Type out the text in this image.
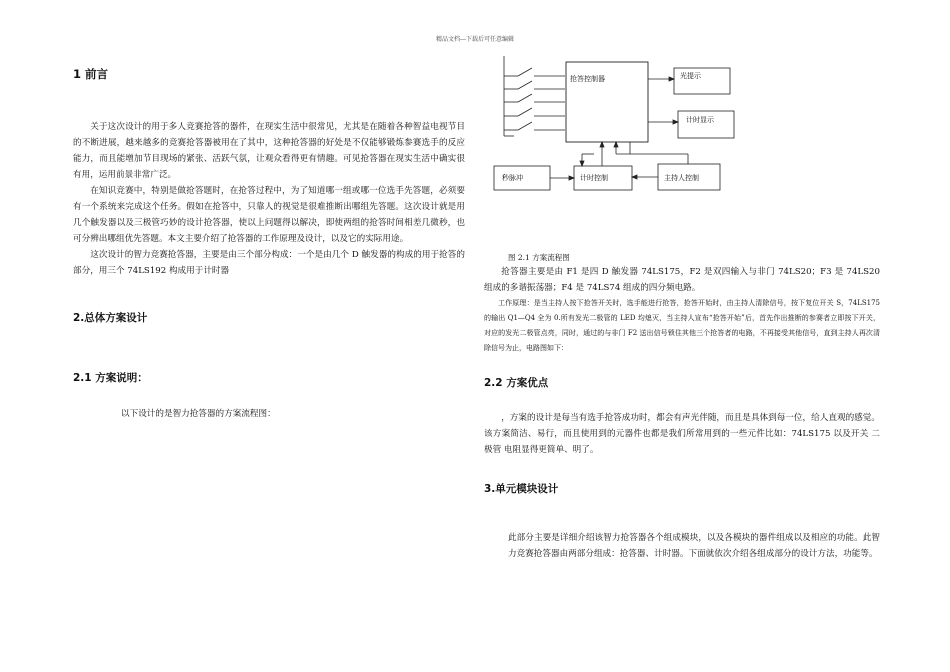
精品文档---下载后可任意编辑
1 前言

关于这次设计的用于多人竞赛抢答的器件，在现实生活中很常见，尤其是在随着各种智益电视节目的不断进展，越来越多的竞赛抢答器被用在了其中，这种抢答器的好处是不仅能够锻炼参赛选手的反应能力，而且能增加节目现场的紧张、活跃气氛，让观众看得更有情趣。可见抢答器在现实生活中确实很有用，运用前景非常广泛。

在知识竞赛中，特别是做抢答题时，在抢答过程中，为了知道哪一组或哪一位选手先答题，必须要有一个系统来完成这个任务。假如在抢答中，只靠人的视觉是很难推断出哪组先答题。这次设计就是用几个触发器以及三极管巧妙的设计抢答器，使以上问题得以解决，即使两组的抢答时间相差几微秒，也可分辨出哪组优先答题。本文主要介绍了抢答器的工作原理及设计，以及它的实际用途。

这次设计的智力竞赛抢答器，主要是由三个部分构成：一个是由几个 D 触发器的构成的用于抢答的部分，用三个 74LS192 构成用于计时器

2.总体方案设计
2.1 方案说明：
以下设计的是智力抢答器的方案流程图：
抢答控制器	光提示
计时显示
秒脉冲	计时控制	主持人控制
图 2.1 方案流程图

抢答器主要是由 F1 是四 D 触发器 74LS175，F2 是双四输入与非门 74LS20；F3 是 74LS20 组成的多谐振荡器；F4 是 74LS74 组成的四分频电路。

工作原理：是当主持人按下抢答开关时，选手能进行抢答，抢答开始时，由主持人清除信号，按下复位开关 S，74LS175 的输出 Q1—Q4 全为 0.所有发光二极管的 LED 均熄灭，当主持人宣布“抢答开始”后，首先作出推断的参赛者立即按下开关，对应的发光二极管点亮，同时，通过的与非门 F2 送出信号锁住其他三个抢答者的电路，不再接受其他信号，直到主持人再次清除信号为止，电路图如下：

2.2 方案优点

，方案的设计是每当有选手抢答成功时，都会有声光伴随，而且是具体到每一位，给人直观的感觉。该方案简洁、易行，而且使用到的元器件也都是我们所常用到的一些元件比如：74LS175 以及开关 二极管 电阻显得更简单、明了。

3.单元模块设计

此部分主要是详细介绍该智力抢答器各个组成模块，以及各模块的器件组成以及相应的功能。此智力竞赛抢答器由两部分组成：抢答器、计时器。下面就依次介绍各组成部分的设计方法，功能等。
